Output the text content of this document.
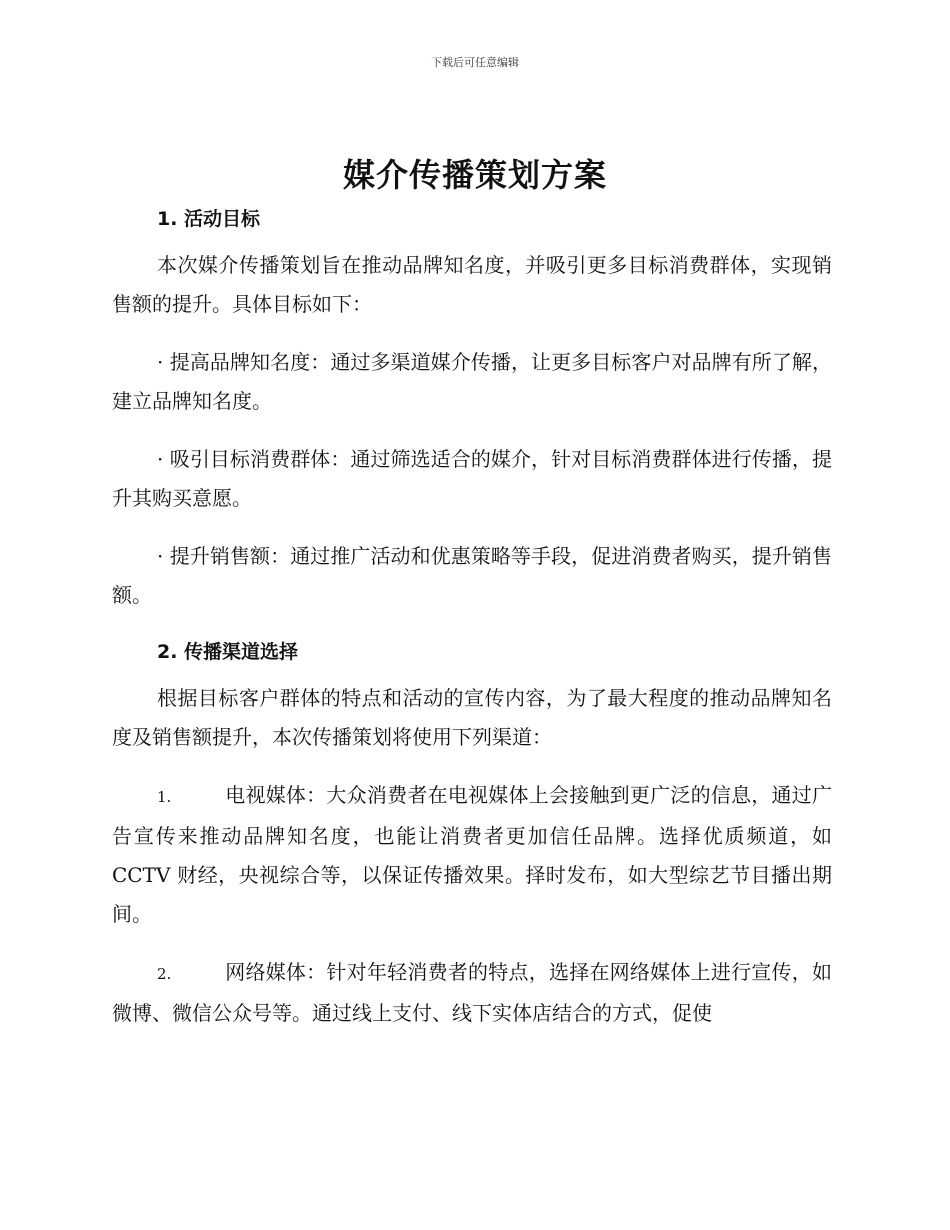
下载后可任意编辑
媒介传播策划方案
1. 活动目标

本次媒介传播策划旨在推动品牌知名度，并吸引更多目标消费群体，实现销售额的提升。具体目标如下：

· 提高品牌知名度：通过多渠道媒介传播，让更多目标客户对品牌有所了解，建立品牌知名度。

· 吸引目标消费群体：通过筛选适合的媒介，针对目标消费群体进行传播，提升其购买意愿。

· 提升销售额：通过推广活动和优惠策略等手段，促进消费者购买，提升销售额。

2. 传播渠道选择

根据目标客户群体的特点和活动的宣传内容，为了最大程度的推动品牌知名度及销售额提升，本次传播策划将使用下列渠道：

1.	电视媒体：大众消费者在电视媒体上会接触到更广泛的信息，通过广告宣传来推动品牌知名度，也能让消费者更加信任品牌。选择优质频道，如 CCTV 财经，央视综合等，以保证传播效果。择时发布，如大型综艺节目播出期间。

2.	网络媒体：针对年轻消费者的特点，选择在网络媒体上进行宣传，如微博、微信公众号等。通过线上支付、线下实体店结合的方式，促使
